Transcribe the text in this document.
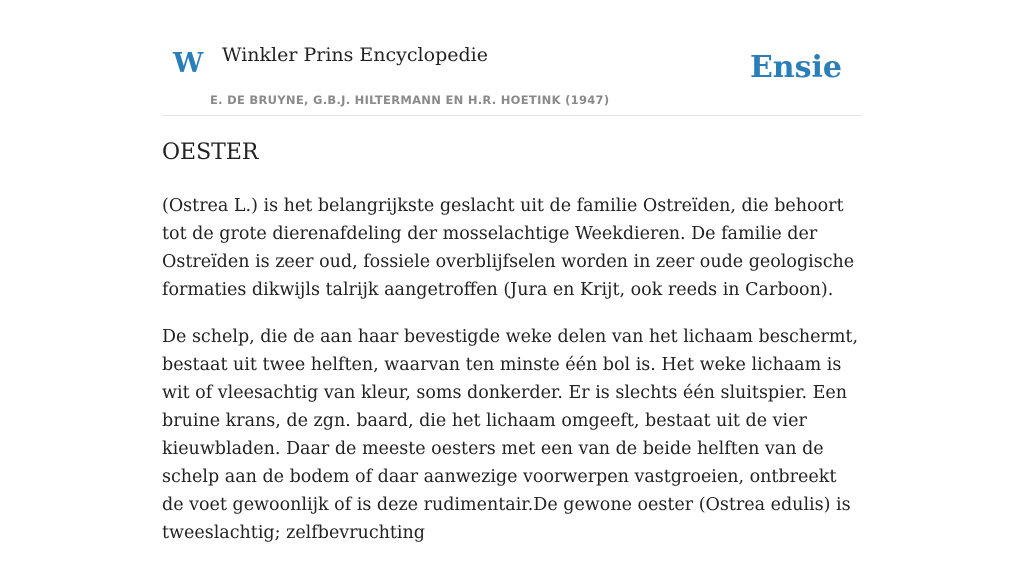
W Winkler Prins Encyclopedie
E. DE BRUYNE, G.B.J. HILTERMANN EN H.R. HOETINK (1947)
Ensie
OESTER

(Ostrea L.) is het belangrijkste geslacht uit de familie Ostreïden, die behoort tot de grote dierenafdeling der mosselachtige Weekdieren. De familie der Ostreïden is zeer oud, fossiele overblijfselen worden in zeer oude geologische formaties dikwijls talrijk aangetroffen (Jura en Krijt, ook reeds in Carboon).

De schelp, die de aan haar bevestigde weke delen van het lichaam beschermt, bestaat uit twee helften, waarvan ten minste één bol is. Het weke lichaam is wit of vleesachtig van kleur, soms donkerder. Er is slechts één sluitspier. Een bruine krans, de zgn. baard, die het lichaam omgeeft, bestaat uit de vier kieuwbladen. Daar de meeste oesters met een van de beide helften van de schelp aan de bodem of daar aanwezige voorwerpen vastgroeien, ontbreekt de voet gewoonlijk of is deze rudimentair.De gewone oester (Ostrea edulis) is tweeslachtig; zelfbevruchting
